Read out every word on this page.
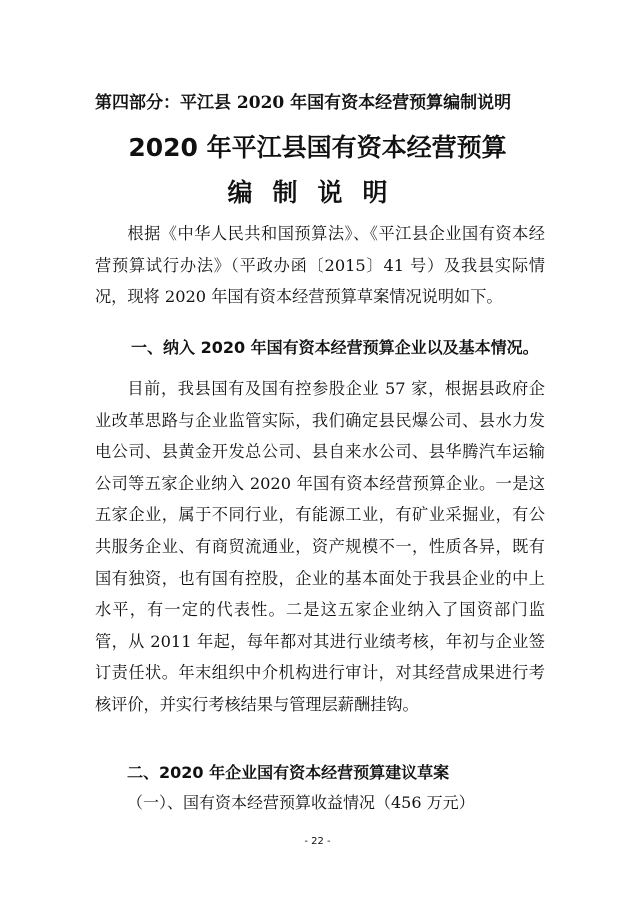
第四部分：平江县 2020 年国有资本经营预算编制说明
2020 年平江县国有资本经营预算
编制说明

根据《中华人民共和国预算法》、《平江县企业国有资本经营预算试行办法》（平政办函〔2015〕41 号）及我县实际情况，现将 2020 年国有资本经营预算草案情况说明如下。

一、纳入 2020 年国有资本经营预算企业以及基本情况。

目前，我县国有及国有控参股企业 57 家，根据县政府企业改革思路与企业监管实际，我们确定县民爆公司、县水力发电公司、县黄金开发总公司、县自来水公司、县华腾汽车运输公司等五家企业纳入 2020 年国有资本经营预算企业。一是这五家企业，属于不同行业，有能源工业，有矿业采掘业，有公共服务企业、有商贸流通业，资产规模不一，性质各异，既有国有独资，也有国有控股，企业的基本面处于我县企业的中上水平，有一定的代表性。二是这五家企业纳入了国资部门监管，从 2011 年起，每年都对其进行业绩考核，年初与企业签订责任状。年末组织中介机构进行审计，对其经营成果进行考核评价，并实行考核结果与管理层薪酬挂钩。

二、2020 年企业国有资本经营预算建议草案
（一）、国有资本经营预算收益情况（456 万元）
- 22 -
